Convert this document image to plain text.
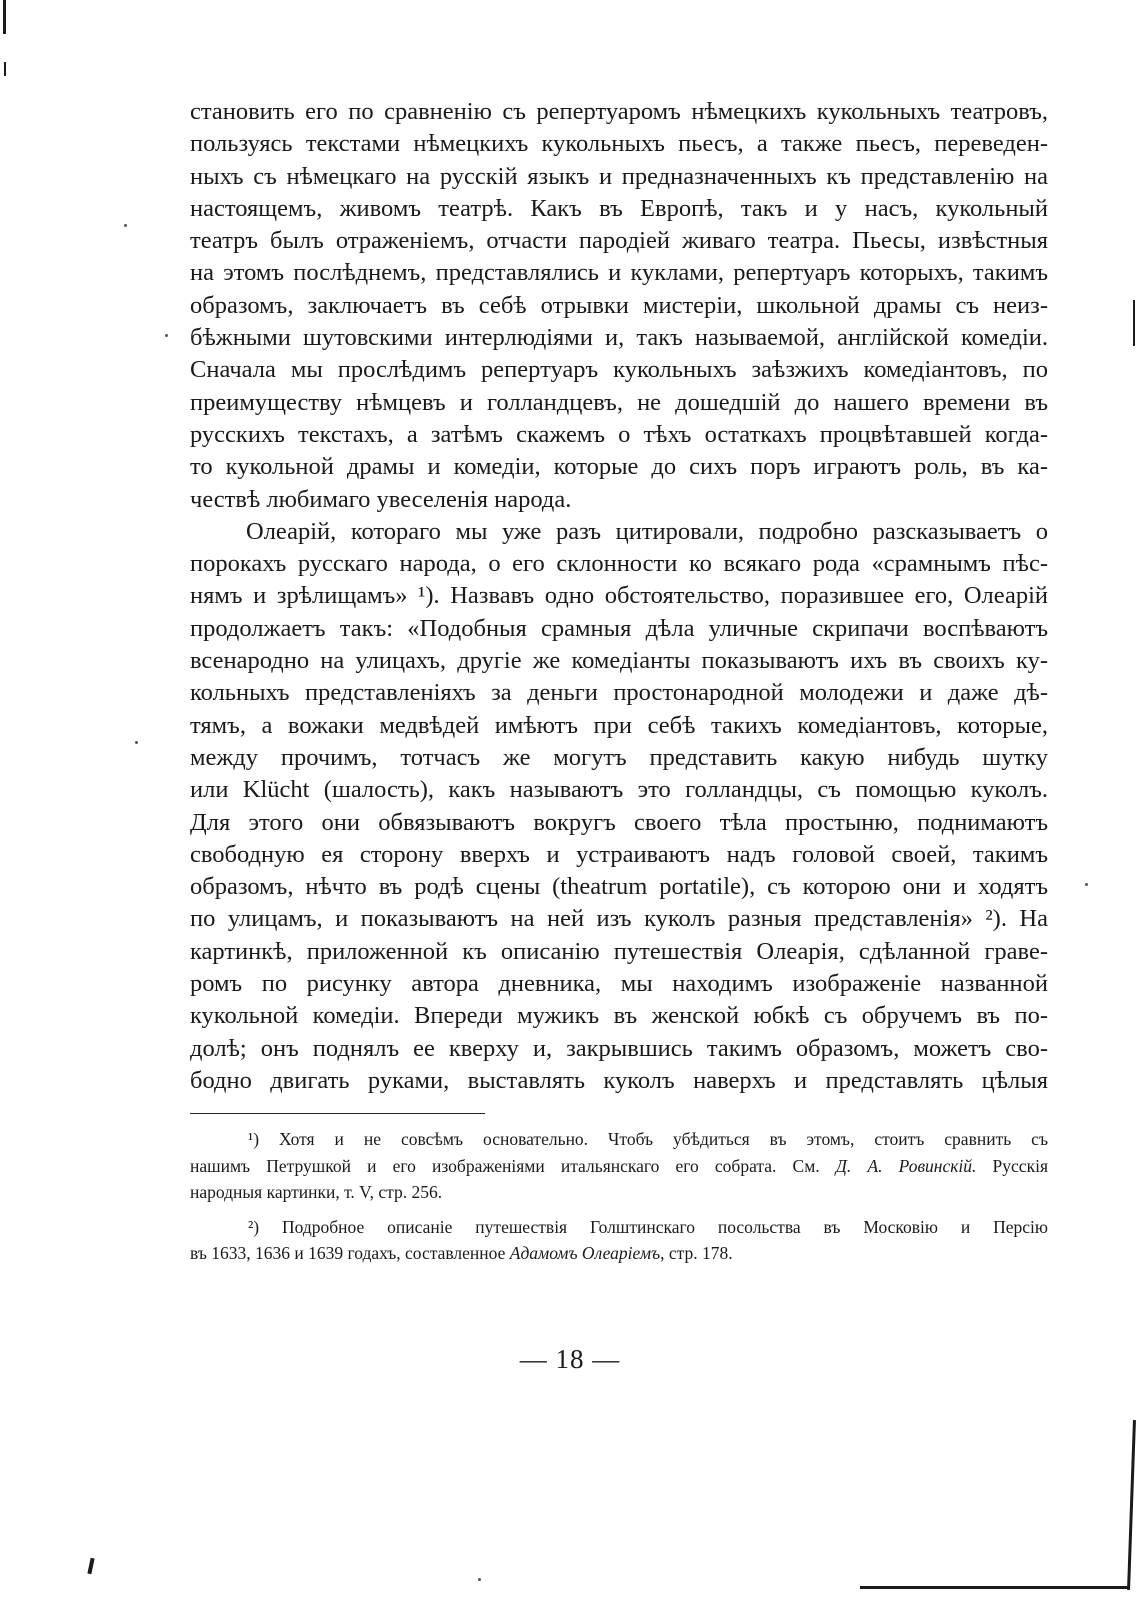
становить его по сравненію съ репертуаромъ нѣмецкихъ кукольныхъ театровъ,
пользуясь текстами нѣмецкихъ кукольныхъ пьесъ, а также пьесъ, переведен-
ныхъ съ нѣмецкаго на русскій языкъ и предназначенныхъ къ представленію на
настоящемъ, живомъ театрѣ. Какъ въ Европѣ, такъ и у насъ, кукольный
театръ былъ отраженіемъ, отчасти пародіей живаго театра. Пьесы, извѣстныя
на этомъ послѣднемъ, представлялись и куклами, репертуаръ которыхъ, такимъ
образомъ, заключаетъ въ себѣ отрывки мистеріи, школьной драмы съ неиз-
бѣжными шутовскими интерлюдіями и, такъ называемой, англійской комедіи.
Сначала мы прослѣдимъ репертуаръ кукольныхъ заѣзжихъ комедіантовъ, по
преимуществу нѣмцевъ и голландцевъ, не дошедшій до нашего времени въ
русскихъ текстахъ, а затѣмъ скажемъ о тѣхъ остаткахъ процвѣтавшей когда-
то кукольной драмы и комедіи, которые до сихъ поръ играютъ роль, въ ка-

чествѣ любимаго увеселенія народа.

Олеарій, котораго мы уже разъ цитировали, подробно разсказываетъ о
порокахъ русскаго народа, о его склонности ко всякаго рода «срамнымъ пѣс-
нямъ и зрѣлищамъ» ¹). Назвавъ одно обстоятельство, поразившее его, Олеарій
продолжаетъ такъ: «Подобныя срамныя дѣла уличные скрипачи воспѣваютъ
всенародно на улицахъ, другіе же комедіанты показываютъ ихъ въ своихъ ку-
кольныхъ представленіяхъ за деньги простонародной молодежи и даже дѣ-
тямъ, а вожаки медвѣдей имѣютъ при себѣ такихъ комедіантовъ, которые,
между прочимъ, тотчасъ же могутъ представить какую нибудь шутку
или Klücht (шалость), какъ называютъ это голландцы, съ помощью куколъ.
Для этого они обвязываютъ вокругъ своего тѣла простыню, поднимаютъ
свободную ея сторону вверхъ и устраиваютъ надъ головой своей, такимъ
образомъ, нѣчто въ родѣ сцены (theatrum portatile), съ которою они и ходятъ
по улицамъ, и показываютъ на ней изъ куколъ разныя представленія» ²). На
картинкѣ, приложенной къ описанію путешествія Олеарія, сдѣланной граве-
ромъ по рисунку автора дневника, мы находимъ изображеніе названной
кукольной комедіи. Впереди мужикъ въ женской юбкѣ съ обручемъ въ по-
долѣ; онъ поднялъ ее кверху и, закрывшись такимъ образомъ, можетъ сво-
бодно двигать руками, выставлять куколъ наверхъ и представлять цѣлыя

¹) Хотя и не совсѣмъ основательно. Чтобъ убѣдиться въ этомъ, стоитъ сравнить съ
нашимъ Петрушкой и его изображеніями итальянскаго его собрата. См. Д. А. Ровинскій. Русскія
народныя картинки, т. V, стр. 256.

²) Подробное описаніе путешествія Голштинскаго посольства въ Московію и Персію
въ 1633, 1636 и 1639 годахъ, составленное Адамомъ Олеаріемъ, стр. 178.

— 18 —
